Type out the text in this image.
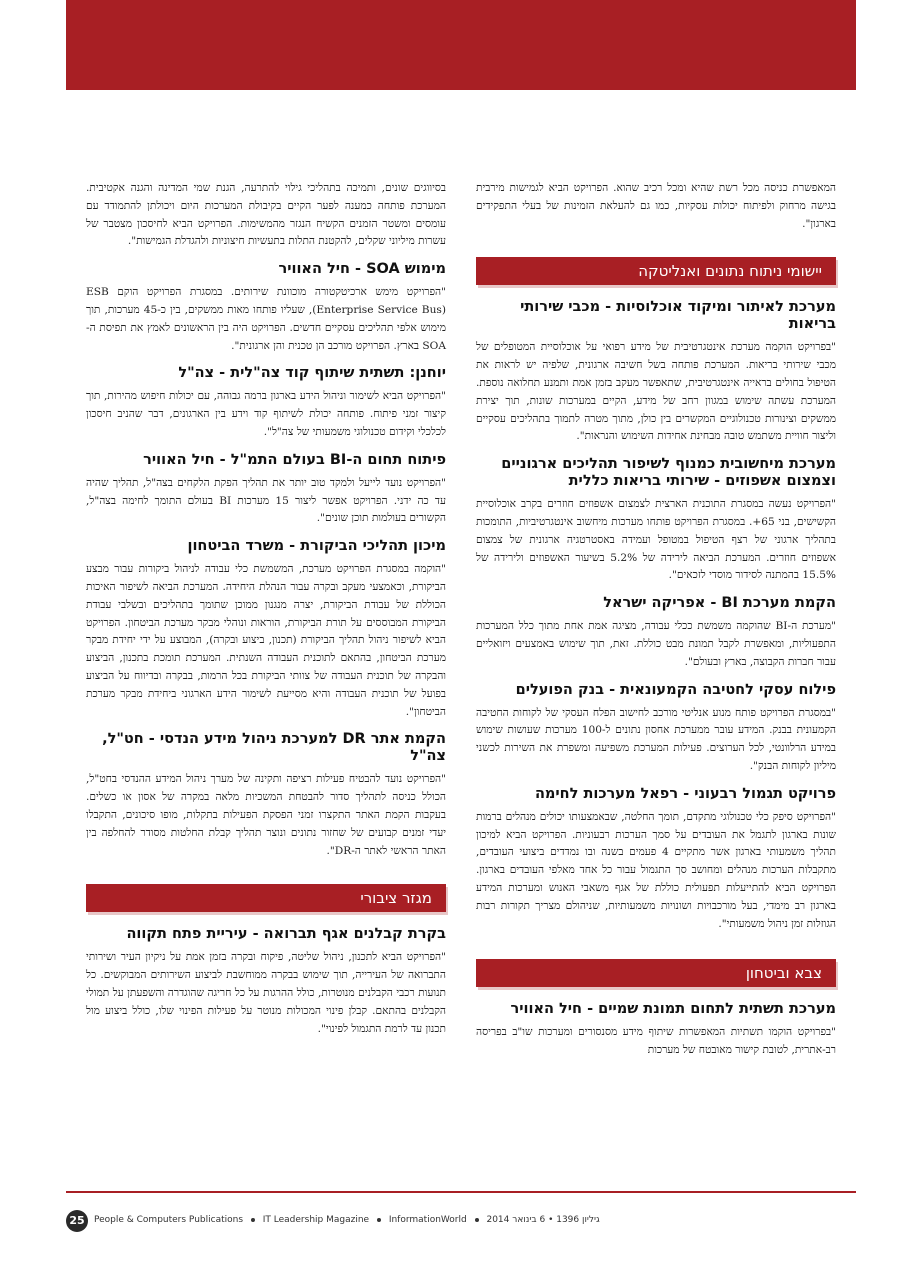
המאפשרת כניסה מכל רשת שהיא ומכל רכיב שהוא. הפרויקט הביא לגמישות מירבית בגישה מרחוק ולפיתוח יכולות עסקיות, כמו גם להעלאת הזמינות של בעלי התפקידים בארגון".

יישומי ניתוח נתונים ואנליטקה
מערכת לאיתור ומיקוד אוכלוסיות - מכבי שירותי בריאות

"בפרויקט הוקמה מערכת אינטגרטיבית של מידע רפואי על אוכלוסיית המטופלים של מכבי שירותי בריאות. המערכת פותחה בשל חשיבה ארגונית, שלפיה יש לראות את הטיפול בחולים בראייה אינטגרטיבית, שתאפשר מעקב בזמן אמת ותמנע תחלואה נוספת. המערכת עשתה שימוש במגוון רחב של מידע, הקיים במערכות שונות, תוך יצירת ממשקים וצינורות טכנולוגיים המקשרים בין כולן, מתוך מטרה לתמוך בתהליכים עסקיים וליצור חוויית משתמש טובה מבחינת אחידות השימוש והנראות".

מערכת מיחשובית כמנוף לשיפור תהליכים ארגוניים וצמצום אשפוזים - שירותי בריאות כללית

"הפרויקט נעשה במסגרת התוכנית הארצית לצמצום אשפוזים חוזרים בקרב אוכלוסיית הקשישים, בני 65+. במסגרת הפרויקט פותחו מערכות מיחשוב אינטגרטיביות, התומכות בתהליך ארגוני של רצף הטיפול במטופל ועמידה באסטרטגיה ארגונית של צמצום אשפוזים חוזרים. המערכת הביאה לירידה של 5.2% בשיעור האשפוזים ולירידה של 15.5% בהמתנה לסידור מוסדי לזכאים".

הקמת מערכת BI - אפריקה ישראל

"מערכת ה-BI שהוקמה משמשת ככלי עבודה, מציגה אמת אחת מתוך כלל המערכות התפעוליות, ומאפשרת לקבל תמונת מבט כוללת. זאת, תוך שימוש באמצעים ויזואליים עבור חברות הקבוצה, בארץ ובעולם".

פילוח עסקי לחטיבה הקמעונאית - בנק הפועלים

"במסגרת הפרויקט פותח מנוע אנליטי מורכב לחישוב הפלח העסקי של לקוחות החטיבה הקמעונית בבנק. המידע עובר ממערכת אחסון נתונים ל-100 מערכות שעושות שימוש במידע הרלוונטי, לכל הערוצים. פעילות המערכת משפיעה ומשפרת את השירות לכשני מיליון לקוחות הבנק".

פרויקט תגמול רבעוני - רפאל מערכות לחימה

"הפרויקט סיפק כלי טכנולוגי מתקדם, תומך החלטה, שבאמצעותו יכולים מנהלים ברמות שונות בארגון לתגמל את העובדים על סמך הערכות רבעוניות. הפרויקט הביא למיכון תהליך משמעותי בארגון אשר מתקיים 4 פעמים בשנה ובו נמדדים ביצועי העובדים, מתקבלות הערכות מנהלים ומחושב סך התגמול עבור כל אחד מאלפי העובדים בארגון. הפרויקט הביא להתייעלות תפעולית כוללת של אגף משאבי האנוש ומערכות המידע בארגון רב מימדי, בעל מורכבויות ושונויות משמעותיות, שניהולם מצריך תקורות רבות הגוזלות זמן ניהול משמעותי".

צבא וביטחון
מערכת תשתית לתחום תמונת שמיים - חיל האוויר

"בפרויקט הוקמו תשתיות המאפשרות שיתוף מידע מסנסורים ומערכות שו"ב בפריסה רב-אתרית, לטובת קישור מאובטח של מערכות

בסיווגים שונים, ותמיכה בתהליכי גילוי להתרעה, הגנת שמי המדינה והגנה אקטיבית. המערכת פותחה כמענה לפער הקיים בקיבולת המערכות היום ויכולתן להתמודד עם עומסים ומשטר הזמנים הקשיח הנגזר מהמשימות. הפרויקט הביא לחיסכון מצטבר של עשרות מיליוני שקלים, להקטנת התלות בתעשיות חיצוניות ולהגדלת הגמישות".

מימוש SOA - חיל האוויר

"הפרויקט מימש ארכיטקטורה מוכוונת שירותים. במסגרת הפרויקט הוקם ESB (Enterprise Service Bus), שעליו פותחו מאות ממשקים, בין כ-45 מערכות, תוך מימוש אלפי תהליכים עסקיים חדשים. הפרויקט היה בין הראשונים לאמץ את תפיסת ה-SOA בארץ. הפרויקט מורכב הן טכנית והן ארגונית".

יוחנן: תשתית שיתוף קוד צה"לית - צה"ל

"הפרויקט הביא לשימור וניהול הידע בארגון ברמה גבוהה, עם יכולות חיפוש מהירות, תוך קיצור זמני פיתוח. פותחה יכולת לשיתוף קוד וידע בין הארגונים, דבר שהניב חיסכון לכלכלי וקידום טכנולוגי משמעותי של צה"ל".

פיתוח תחום ה-BI בעולם התמ"ל - חיל האוויר

"הפרויקט נועד לייעל ולמקד טוב יותר את תהליך הפקת הלקחים בצה"ל, תהליך שהיה עד כה ידני. הפרויקט אפשר ליצור 15 מערכות BI בעולם התומך לחימה בצה"ל, הקשורים בעולמות תוכן שונים".

מיכון תהליכי הביקורת - משרד הביטחון

"הוקמה במסגרת הפרויקט מערכת, המשמשת כלי עבודה לניהול ביקורות עבור מבצע הביקורת, וכאמצעי מעקב ובקרה עבור הנהלת היחידה. המערכת הביאה לשיפור האיכות הכוללת של עבודת הביקורת, יצרה מנגנון ממוכן שתומך בתהליכים ובשלבי עבודת הביקורת המבוססים על תורת הביקורת, הוראות ונוהלי מבקר מערכת הביטחון. הפרויקט הביא לשיפור ניהול תהליך הביקורת (תכנון, ביצוע ובקרה), המבוצע על ידי יחידת מבקר מערכת הביטחון, בהתאם לתוכנית העבודה השנתית. המערכת תומכת בתכנון, הביצוע והבקרה של תוכנית העבודה של צוותי הביקורת בכל הרמות, בבקרה ובדיווח על הביצוע בפועל של תוכנית העבודה והיא מסייעת לשימור הידע הארגוני ביחידת מבקר מערכת הביטחון".

הקמת אתר DR למערכת ניהול מידע הנדסי - חט"ל, צה"ל

"הפרויקט נועד להבטיח פעילות רציפה ותקינה של מערך ניהול המידע ההנדסי בחט"ל, הכולל כניסה לתהליך סדור להבטחת המשכיות מלאה במקרה של אסון או כשלים. בעקבות הקמת האתר התקצרו זמני הפסקת הפעילות בתקלות, מופו סיכונים, התקבלו יעדי זמנים קבועים של שחזור נתונים ונוצר תהליך קבלת החלטות מסודר להחלפה בין האתר הראשי לאתר ה-DR".

מגזר ציבורי
בקרת קבלנים אגף תברואה - עיריית פתח תקווה

"הפרויקט הביא לתכנון, ניהול שליטה, פיקוח ובקרה בזמן אמת על ניקיון העיר ושירותי התברואה של העירייה, תוך שימוש בבקרה ממוחשבת לביצוע השירותים המבוקשים. כל תנועות רכבי הקבלנים מנוטרות, כולל ההרגות על כל חריגה שהוגדרה והשפעתן על תמולי הקבלנים בהתאם. קבלן פינוי המכולות מנוטר על פעילות הפינוי שלו, כולל ביצוע מול תכנון עד לרמת התגמול לפינוי".

25	People & Computers Publications IT Leadership Magazine InformationWorld גיליון 1396 • 6 בינואר 2014
